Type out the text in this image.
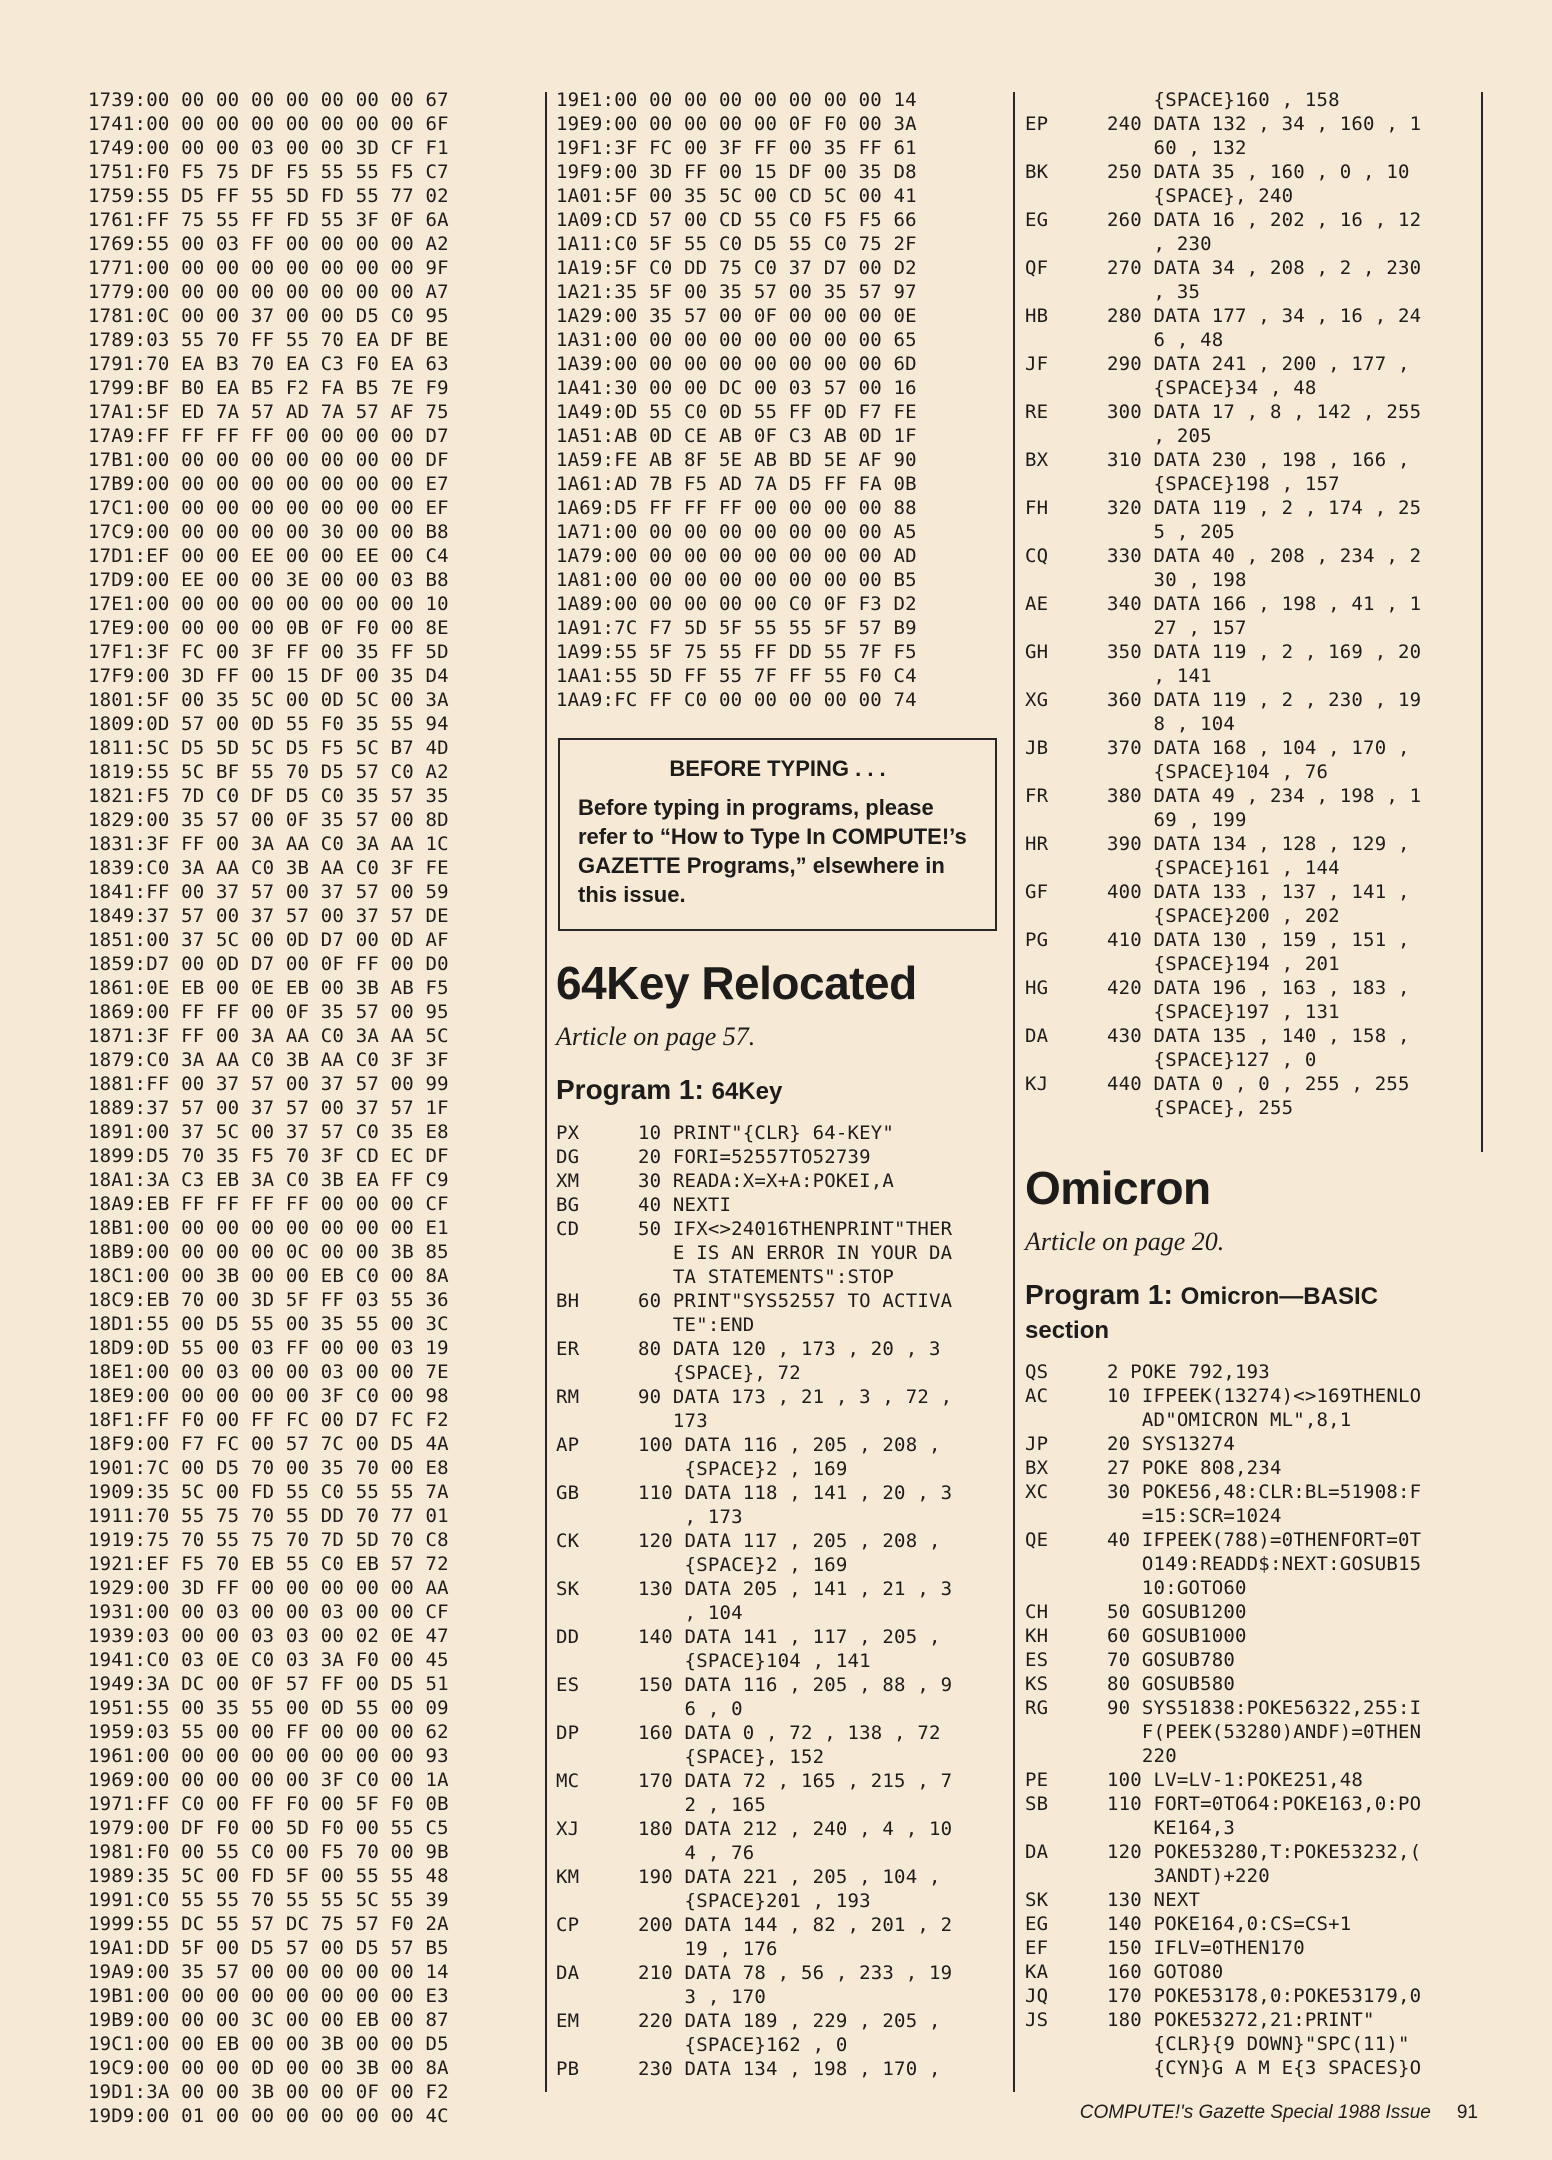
1739:00 00 00 00 00 00 00 00 67
1741:00 00 00 00 00 00 00 00 6F
1749:00 00 00 03 00 00 3D CF F1
1751:F0 F5 75 DF F5 55 55 F5 C7
1759:55 D5 FF 55 5D FD 55 77 02
1761:FF 75 55 FF FD 55 3F 0F 6A
1769:55 00 03 FF 00 00 00 00 A2
1771:00 00 00 00 00 00 00 00 9F
1779:00 00 00 00 00 00 00 00 A7
1781:0C 00 00 37 00 00 D5 C0 95
1789:03 55 70 FF 55 70 EA DF BE
1791:70 EA B3 70 EA C3 F0 EA 63
1799:BF B0 EA B5 F2 FA B5 7E F9
17A1:5F ED 7A 57 AD 7A 57 AF 75
17A9:FF FF FF FF 00 00 00 00 D7
17B1:00 00 00 00 00 00 00 00 DF
17B9:00 00 00 00 00 00 00 00 E7
17C1:00 00 00 00 00 00 00 00 EF
17C9:00 00 00 00 00 30 00 00 B8
17D1:EF 00 00 EE 00 00 EE 00 C4
17D9:00 EE 00 00 3E 00 00 03 B8
17E1:00 00 00 00 00 00 00 00 10
17E9:00 00 00 00 0B 0F F0 00 8E
17F1:3F FC 00 3F FF 00 35 FF 5D
17F9:00 3D FF 00 15 DF 00 35 D4
1801:5F 00 35 5C 00 0D 5C 00 3A
1809:0D 57 00 0D 55 F0 35 55 94
1811:5C D5 5D 5C D5 F5 5C B7 4D
1819:55 5C BF 55 70 D5 57 C0 A2
1821:F5 7D C0 DF D5 C0 35 57 35
1829:00 35 57 00 0F 35 57 00 8D
1831:3F FF 00 3A AA C0 3A AA 1C
1839:C0 3A AA C0 3B AA C0 3F FE
1841:FF 00 37 57 00 37 57 00 59
1849:37 57 00 37 57 00 37 57 DE
1851:00 37 5C 00 0D D7 00 0D AF
1859:D7 00 0D D7 00 0F FF 00 D0
1861:0E EB 00 0E EB 00 3B AB F5
1869:00 FF FF 00 0F 35 57 00 95
1871:3F FF 00 3A AA C0 3A AA 5C
1879:C0 3A AA C0 3B AA C0 3F 3F
1881:FF 00 37 57 00 37 57 00 99
1889:37 57 00 37 57 00 37 57 1F
1891:00 37 5C 00 37 57 C0 35 E8
1899:D5 70 35 F5 70 3F CD EC DF
18A1:3A C3 EB 3A C0 3B EA FF C9
18A9:EB FF FF FF FF 00 00 00 CF
18B1:00 00 00 00 00 00 00 00 E1
18B9:00 00 00 00 0C 00 00 3B 85
18C1:00 00 3B 00 00 EB C0 00 8A
18C9:EB 70 00 3D 5F FF 03 55 36
18D1:55 00 D5 55 00 35 55 00 3C
18D9:0D 55 00 03 FF 00 00 03 19
18E1:00 00 03 00 00 03 00 00 7E
18E9:00 00 00 00 00 3F C0 00 98
18F1:FF F0 00 FF FC 00 D7 FC F2
18F9:00 F7 FC 00 57 7C 00 D5 4A
1901:7C 00 D5 70 00 35 70 00 E8
1909:35 5C 00 FD 55 C0 55 55 7A
1911:70 55 75 70 55 DD 70 77 01
1919:75 70 55 75 70 7D 5D 70 C8
1921:EF F5 70 EB 55 C0 EB 57 72
1929:00 3D FF 00 00 00 00 00 AA
1931:00 00 03 00 00 03 00 00 CF
1939:03 00 00 03 03 00 02 0E 47
1941:C0 03 0E C0 03 3A F0 00 45
1949:3A DC 00 0F 57 FF 00 D5 51
1951:55 00 35 55 00 0D 55 00 09
1959:03 55 00 00 FF 00 00 00 62
1961:00 00 00 00 00 00 00 00 93
1969:00 00 00 00 00 3F C0 00 1A
1971:FF C0 00 FF F0 00 5F F0 0B
1979:00 DF F0 00 5D F0 00 55 C5
1981:F0 00 55 C0 00 F5 70 00 9B
1989:35 5C 00 FD 5F 00 55 55 48
1991:C0 55 55 70 55 55 5C 55 39
1999:55 DC 55 57 DC 75 57 F0 2A
19A1:DD 5F 00 D5 57 00 D5 57 B5
19A9:00 35 57 00 00 00 00 00 14
19B1:00 00 00 00 00 00 00 00 E3
19B9:00 00 00 3C 00 00 EB 00 87
19C1:00 00 EB 00 00 3B 00 00 D5
19C9:00 00 00 0D 00 00 3B 00 8A
19D1:3A 00 00 3B 00 00 0F 00 F2
19D9:00 01 00 00 00 00 00 00 4C
19E1:00 00 00 00 00 00 00 00 14
19E9:00 00 00 00 00 0F F0 00 3A
19F1:3F FC 00 3F FF 00 35 FF 61
19F9:00 3D FF 00 15 DF 00 35 D8
1A01:5F 00 35 5C 00 CD 5C 00 41
1A09:CD 57 00 CD 55 C0 F5 F5 66
1A11:C0 5F 55 C0 D5 55 C0 75 2F
1A19:5F C0 DD 75 C0 37 D7 00 D2
1A21:35 5F 00 35 57 00 35 57 97
1A29:00 35 57 00 0F 00 00 00 0E
1A31:00 00 00 00 00 00 00 00 65
1A39:00 00 00 00 00 00 00 00 6D
1A41:30 00 00 DC 00 03 57 00 16
1A49:0D 55 C0 0D 55 FF 0D F7 FE
1A51:AB 0D CE AB 0F C3 AB 0D 1F
1A59:FE AB 8F 5E AB BD 5E AF 90
1A61:AD 7B F5 AD 7A D5 FF FA 0B
1A69:D5 FF FF FF 00 00 00 00 88
1A71:00 00 00 00 00 00 00 00 A5
1A79:00 00 00 00 00 00 00 00 AD
1A81:00 00 00 00 00 00 00 00 B5
1A89:00 00 00 00 00 C0 0F F3 D2
1A91:7C F7 5D 5F 55 55 5F 57 B9
1A99:55 5F 75 55 FF DD 55 7F F5
1AA1:55 5D FF 55 7F FF 55 F0 C4
1AA9:FC FF C0 00 00 00 00 00 74
BEFORE TYPING . . .
Before typing in programs, please refer to “How to Type In COMPUTE!’s GAZETTE Programs,” elsewhere in this issue.
64Key Relocated

Article on page 57.

Program 1: 64Key
PX	10 PRINT"{CLR} 64-KEY"
DG	20 FORI=52557TO52739
XM	30 READA:X=X+A:POKEI,A
BG	40 NEXTI
CD	50 IFX<>24016THENPRINT"THER
E IS AN ERROR IN YOUR DA
TA STATEMENTS":STOP
BH	60 PRINT"SYS52557 TO ACTIVA
TE":END
ER	80 DATA 120 , 173 , 20 , 3
{SPACE}, 72
RM	90 DATA 173 , 21 , 3 , 72 ,
173
AP	100 DATA 116 , 205 , 208 ,
{SPACE}2 , 169
GB	110 DATA 118 , 141 , 20 , 3
, 173
CK	120 DATA 117 , 205 , 208 ,
{SPACE}2 , 169
SK	130 DATA 205 , 141 , 21 , 3
, 104
DD	140 DATA 141 , 117 , 205 ,
{SPACE}104 , 141
ES	150 DATA 116 , 205 , 88 , 9
6 , 0
DP	160 DATA 0 , 72 , 138 , 72
{SPACE}, 152
MC	170 DATA 72 , 165 , 215 , 7
2 , 165
XJ	180 DATA 212 , 240 , 4 , 10
4 , 76
KM	190 DATA 221 , 205 , 104 ,
{SPACE}201 , 193
CP	200 DATA 144 , 82 , 201 , 2
19 , 176
DA	210 DATA 78 , 56 , 233 , 19
3 , 170
EM	220 DATA 189 , 229 , 205 ,
{SPACE}162 , 0
PB	230 DATA 134 , 198 , 170 ,
{SPACE}160 , 158
EP	240 DATA 132 , 34 , 160 , 1
60 , 132
BK	250 DATA 35 , 160 , 0 , 10
{SPACE}, 240
EG	260 DATA 16 , 202 , 16 , 12
, 230
QF	270 DATA 34 , 208 , 2 , 230
, 35
HB	280 DATA 177 , 34 , 16 , 24
6 , 48
JF	290 DATA 241 , 200 , 177 ,
{SPACE}34 , 48
RE	300 DATA 17 , 8 , 142 , 255
, 205
BX	310 DATA 230 , 198 , 166 ,
{SPACE}198 , 157
FH	320 DATA 119 , 2 , 174 , 25
5 , 205
CQ	330 DATA 40 , 208 , 234 , 2
30 , 198
AE	340 DATA 166 , 198 , 41 , 1
27 , 157
GH	350 DATA 119 , 2 , 169 , 20
, 141
XG	360 DATA 119 , 2 , 230 , 19
8 , 104
JB	370 DATA 168 , 104 , 170 ,
{SPACE}104 , 76
FR	380 DATA 49 , 234 , 198 , 1
69 , 199
HR	390 DATA 134 , 128 , 129 ,
{SPACE}161 , 144
GF	400 DATA 133 , 137 , 141 ,
{SPACE}200 , 202
PG	410 DATA 130 , 159 , 151 ,
{SPACE}194 , 201
HG	420 DATA 196 , 163 , 183 ,
{SPACE}197 , 131
DA	430 DATA 135 , 140 , 158 ,
{SPACE}127 , 0
KJ	440 DATA 0 , 0 , 255 , 255
{SPACE}, 255
Omicron

Article on page 20.

Program 1: Omicron—BASIC
section
QS	2 POKE 792,193
AC	10 IFPEEK(13274)<>169THENLO
AD"OMICRON ML",8,1
JP	20 SYS13274
BX	27 POKE 808,234
XC	30 POKE56,48:CLR:BL=51908:F
=15:SCR=1024
QE	40 IFPEEK(788)=0THENFORT=0T
O149:READD$:NEXT:GOSUB15
10:GOTO60
CH	50 GOSUB1200
KH	60 GOSUB1000
ES	70 GOSUB780
KS	80 GOSUB580
RG	90 SYS51838:POKE56322,255:I
F(PEEK(53280)ANDF)=0THEN
220
PE	100 LV=LV-1:POKE251,48
SB	110 FORT=0TO64:POKE163,0:PO
KE164,3
DA	120 POKE53280,T:POKE53232,(
3ANDT)+220
SK	130 NEXT
EG	140 POKE164,0:CS=CS+1
EF	150 IFLV=0THEN170
KA	160 GOTO80
JQ	170 POKE53178,0:POKE53179,0
JS	180 POKE53272,21:PRINT"
{CLR}{9 DOWN}"SPC(11)"
{CYN}G A M E{3 SPACES}O
COMPUTE!'s Gazette Special 1988 Issue 91
